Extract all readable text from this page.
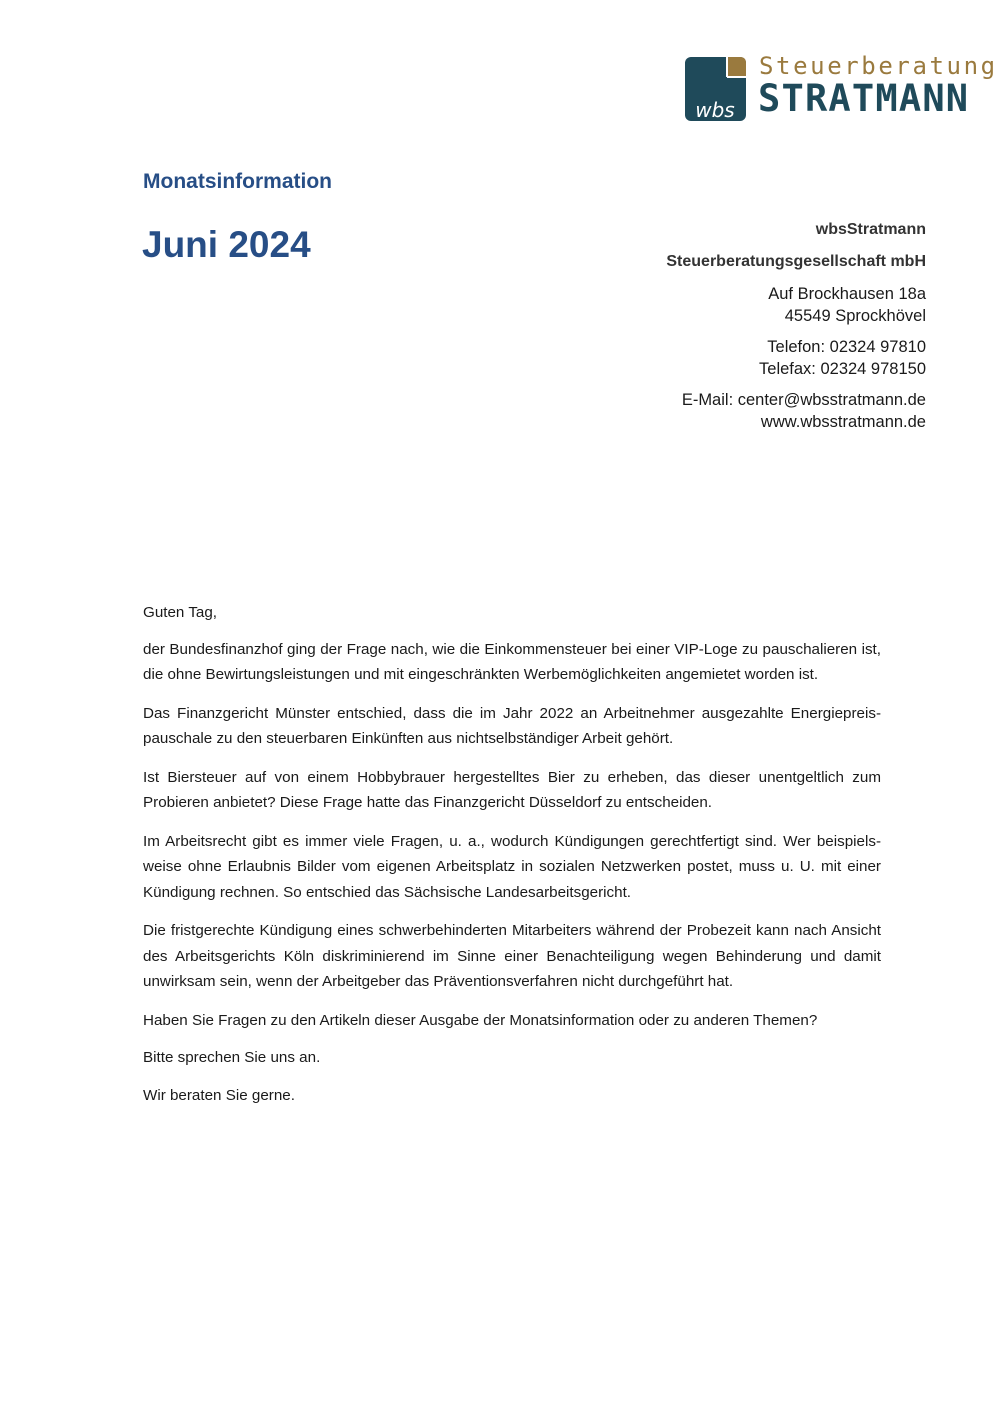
wbs
Steuerberatung
STRATMANN
Monatsinformation
Juni 2024	wbsStratmann
Steuerberatungsgesellschaft mbH
Auf Brockhausen 18a
45549 Sprockhövel
Telefon: 02324 97810
Telefax: 02324 978150
E-Mail: center@wbsstratmann.de
www.wbsstratmann.de

Guten Tag,

der Bundesfinanzhof ging der Frage nach, wie die Einkommensteuer bei einer VIP-Loge zu pauschalieren ist, die ohne Bewirtungsleistungen und mit eingeschränkten Werbemöglichkeiten angemietet worden ist.

Das Finanzgericht Münster entschied, dass die im Jahr 2022 an Arbeitnehmer ausgezahlte Energiepreispauschale zu den steuerbaren Einkünften aus nichtselbständiger Arbeit gehört.

Ist Biersteuer auf von einem Hobbybrauer hergestelltes Bier zu erheben, das dieser unentgeltlich zum Probieren anbietet? Diese Frage hatte das Finanzgericht Düsseldorf zu entscheiden.

Im Arbeitsrecht gibt es immer viele Fragen, u. a., wodurch Kündigungen gerechtfertigt sind. Wer beispielsweise ohne Erlaubnis Bilder vom eigenen Arbeitsplatz in sozialen Netzwerken postet, muss u. U. mit einer Kündigung rechnen. So entschied das Sächsische Landesarbeitsgericht.

Die fristgerechte Kündigung eines schwerbehinderten Mitarbeiters während der Probezeit kann nach Ansicht des Arbeitsgerichts Köln diskriminierend im Sinne einer Benachteiligung wegen Behinderung und damit unwirksam sein, wenn der Arbeitgeber das Präventionsverfahren nicht durchgeführt hat.

Haben Sie Fragen zu den Artikeln dieser Ausgabe der Monatsinformation oder zu anderen Themen?

Bitte sprechen Sie uns an.

Wir beraten Sie gerne.
